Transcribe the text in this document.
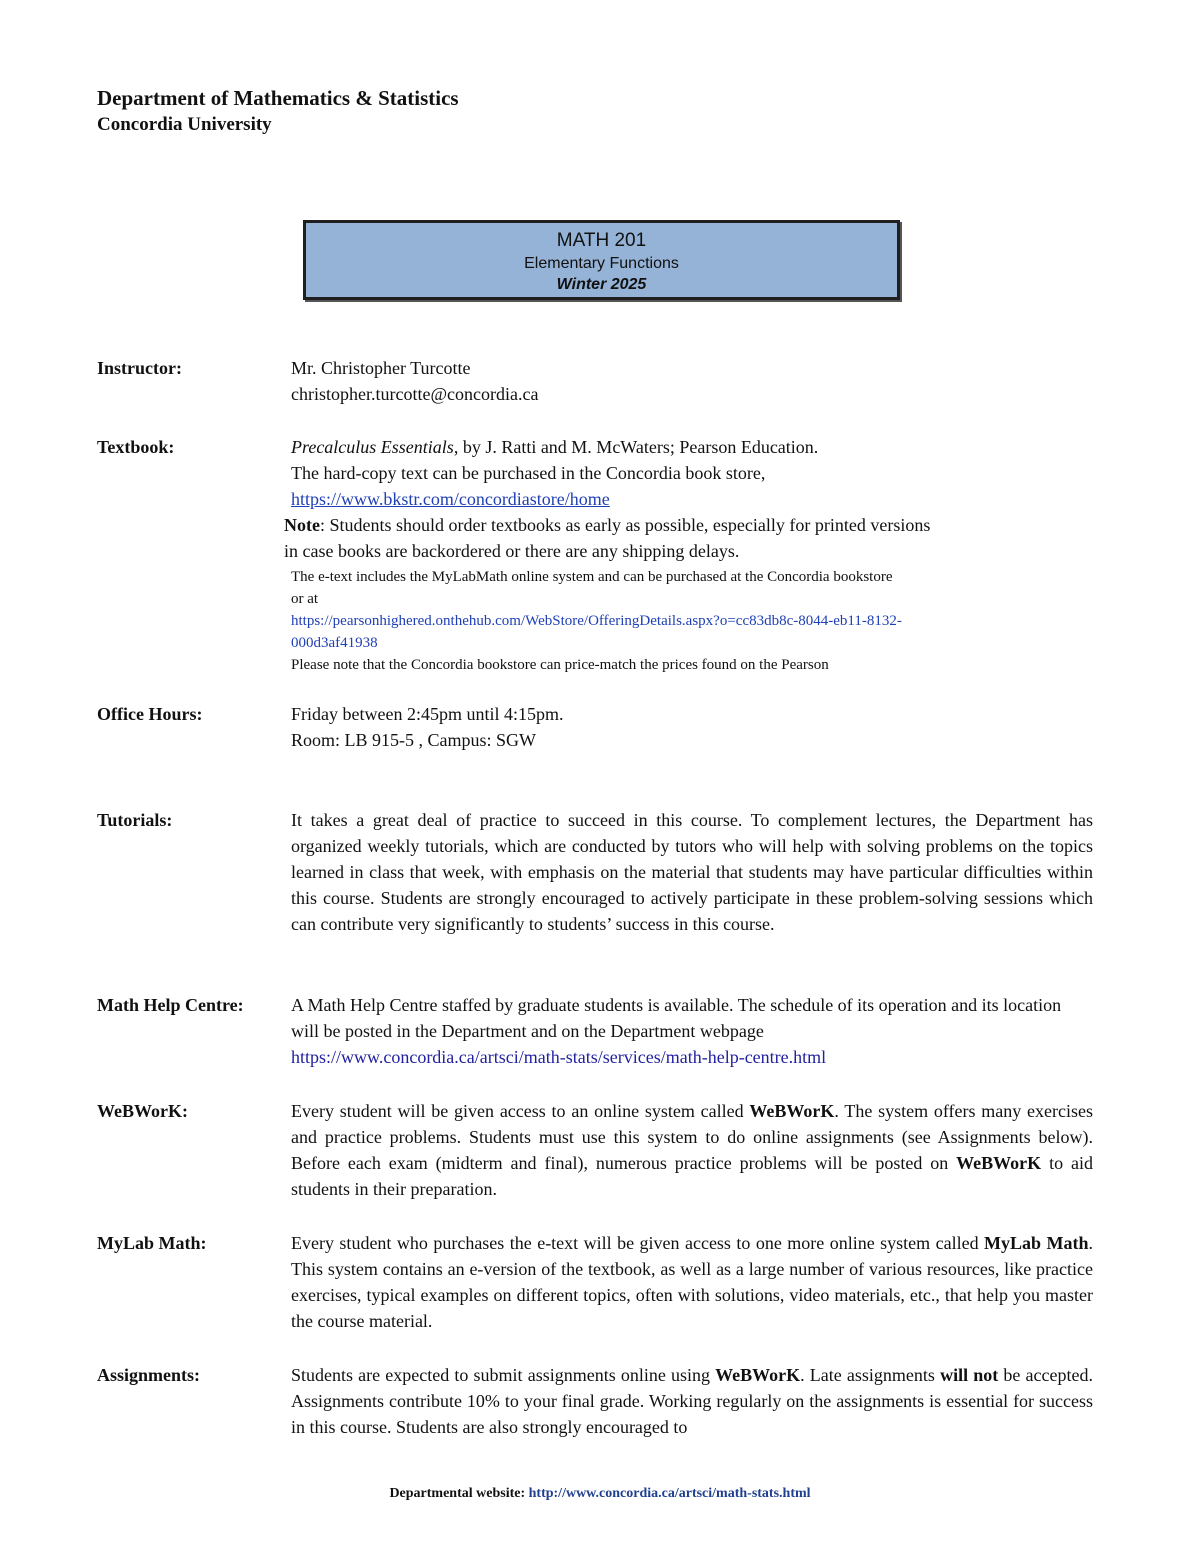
Department of Mathematics & Statistics
Concordia University
MATH 201
Elementary Functions
Winter 2025
Instructor:	Mr. Christopher Turcotte
christopher.turcotte@concordia.ca
Textbook:	Precalculus Essentials, by J. Ratti and M. McWaters; Pearson Education.
The hard-copy text can be purchased in the Concordia book store,
https://www.bkstr.com/concordiastore/home
Note: Students should order textbooks as early as possible, especially for printed versions
in case books are backordered or there are any shipping delays.
The e-text includes the MyLabMath online system and can be purchased at the Concordia bookstore
or at
https://pearsonhighered.onthehub.com/WebStore/OfferingDetails.aspx?o=cc83db8c-8044-eb11-8132-
000d3af41938
Please note that the Concordia bookstore can price-match the prices found on the Pearson
Office Hours:	Friday between 2:45pm until 4:15pm.
Room: LB 915-5 , Campus: SGW
Tutorials:	It takes a great deal of practice to succeed in this course. To complement lectures, the Department has organized weekly tutorials, which are conducted by tutors who will help with solving problems on the topics learned in class that week, with emphasis on the material that students may have particular difficulties within this course. Students are strongly encouraged to actively participate in these problem-solving sessions which can contribute very significantly to students’ success in this course.
Math Help Centre:	A Math Help Centre staffed by graduate students is available. The schedule of its operation and its location will be posted in the Department and on the Department webpage
https://www.concordia.ca/artsci/math-stats/services/math-help-centre.html
WeBWorK:	Every student will be given access to an online system called WeBWorK. The system offers many exercises and practice problems. Students must use this system to do online assignments (see Assignments below). Before each exam (midterm and final), numerous practice problems will be posted on WeBWorK to aid students in their preparation.
MyLab Math:	Every student who purchases the e-text will be given access to one more online system called MyLab Math. This system contains an e-version of the textbook, as well as a large number of various resources, like practice exercises, typical examples on different topics, often with solutions, video materials, etc., that help you master the course material.
Assignments:	Students are expected to submit assignments online using WeBWorK. Late assignments will not be accepted. Assignments contribute 10% to your final grade. Working regularly on the assignments is essential for success in this course. Students are also strongly encouraged to
Departmental website: http://www.concordia.ca/artsci/math-stats.html
